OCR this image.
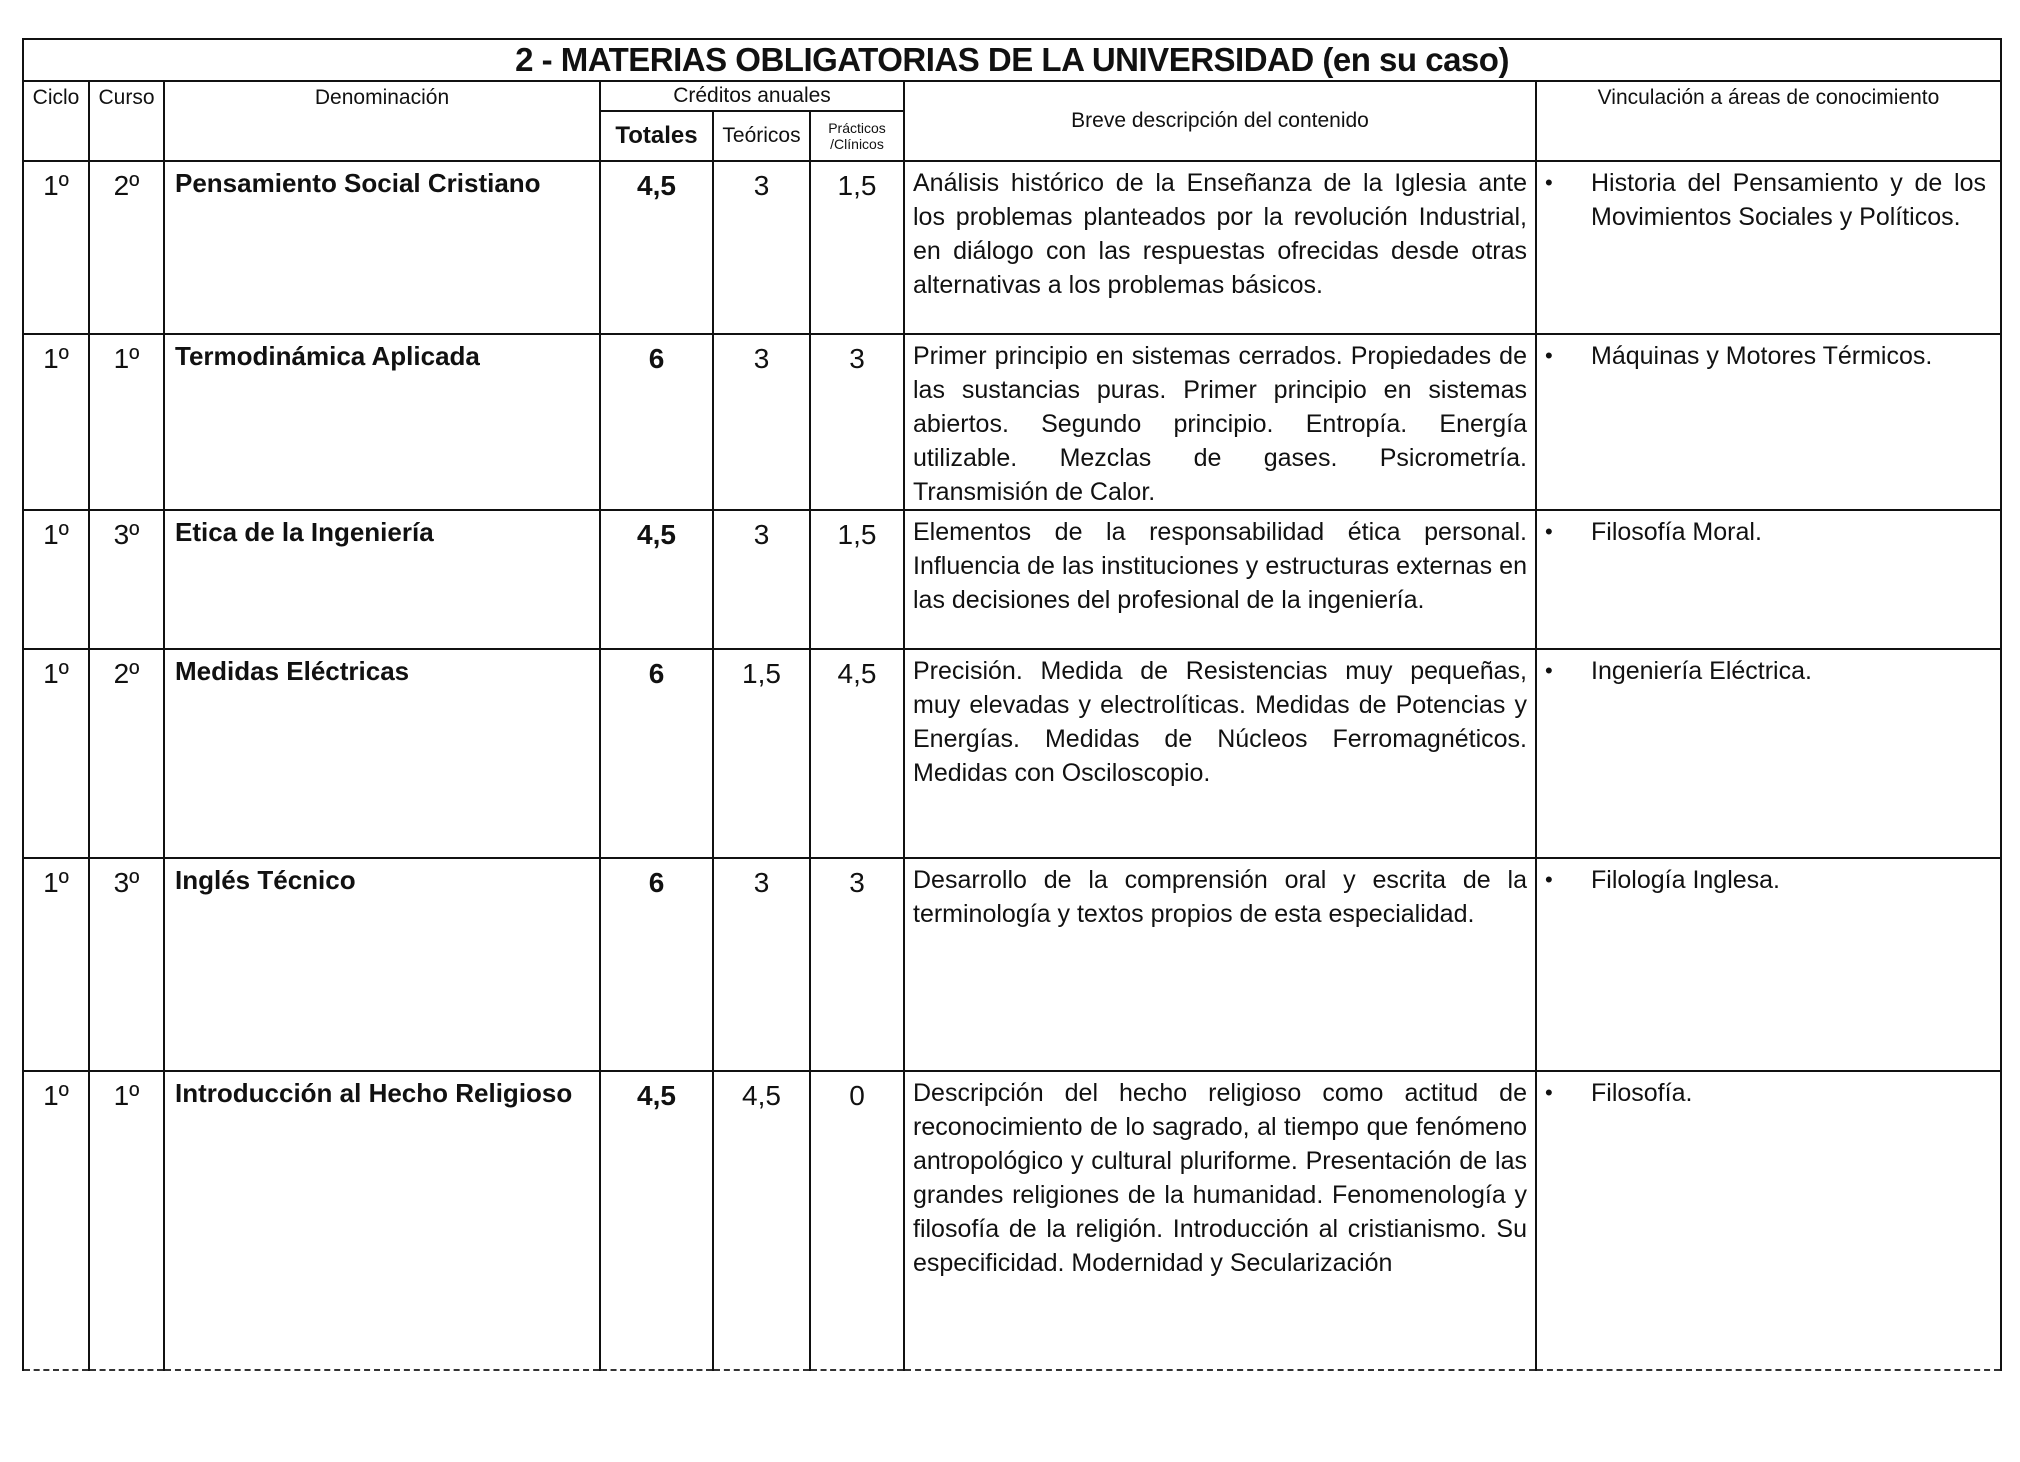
2 - MATERIAS OBLIGATORIAS DE LA UNIVERSIDAD (en su caso)							
Ciclo	Curso	Denominación	Créditos anuales			Breve descripción del contenido	Vinculación a áreas de conocimiento
			Totales	Teóricos	Prácticos /Clínicos		
1º	2º	Pensamiento Social Cristiano	4,5	3	1,5	Análisis histórico de la Enseñanza de la Iglesia ante los problemas planteados por la revolución Industrial, en diálogo con las respuestas ofrecidas desde otras alternativas a los problemas básicos.	• Historia del Pensamiento y de los Movimientos Sociales y Políticos.

1º	1º	Termodinámica Aplicada	6	3	3	Primer principio en sistemas cerrados. Propiedades de las sustancias puras. Primer principio en sistemas abiertos. Segundo principio. Entropía. Energía utilizable. Mezclas de gases. Psicrometría. Transmisión de Calor.	• Máquinas y Motores Térmicos.

1º	3º	Etica de la Ingeniería	4,5	3	1,5	Elementos de la responsabilidad ética personal. Influencia de las instituciones y estructuras externas en las decisiones del profesional de la ingeniería.	• Filosofía Moral.

1º	2º	Medidas Eléctricas	6	1,5	4,5	Precisión. Medida de Resistencias muy pequeñas, muy elevadas y electrolíticas. Medidas de Potencias y Energías. Medidas de Núcleos Ferromagnéticos. Medidas con Osciloscopio.	• Ingeniería Eléctrica.

1º	3º	Inglés Técnico	6	3	3	Desarrollo de la comprensión oral y escrita de la terminología y textos propios de esta especialidad.	• Filología Inglesa.

1º	1º	Introducción al Hecho Religioso	4,5	4,5	0	Descripción del hecho religioso como actitud de reconocimiento de lo sagrado, al tiempo que fenómeno antropológico y cultural pluriforme. Presentación de las grandes religiones de la humanidad. Fenomenología y filosofía de la religión. Introducción al cristianismo. Su especificidad. Modernidad y Secularización	• Filosofía.
